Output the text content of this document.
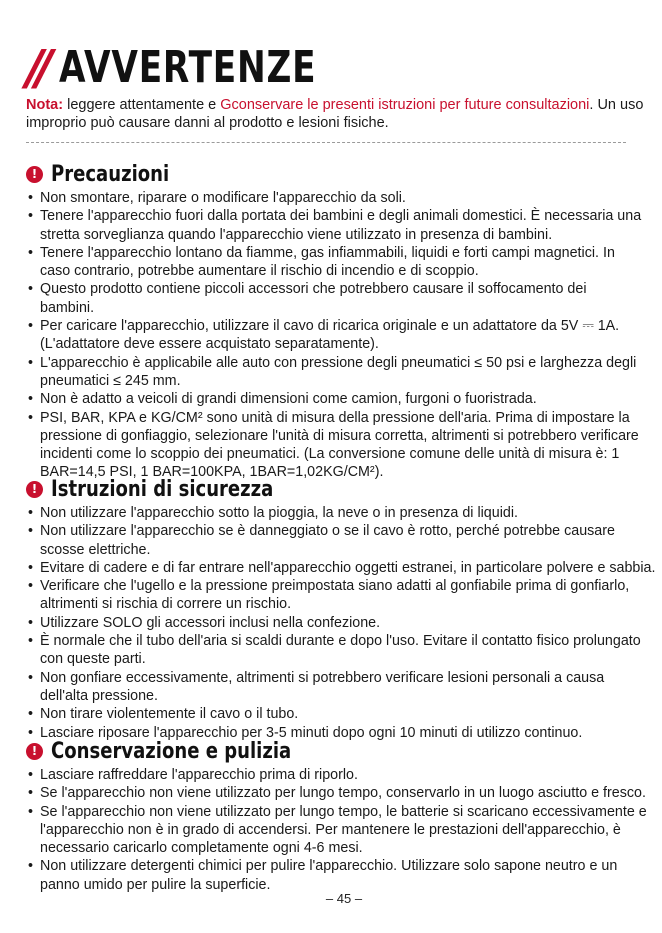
// AVVERTENZE
Nota: leggere attentamente e Gconservare le presenti istruzioni per future consultazioni. Un uso improprio può causare danni al prodotto e lesioni fisiche.
! Precauzioni
• Non smontare, riparare o modificare l'apparecchio da soli.
• Tenere l'apparecchio fuori dalla portata dei bambini e degli animali domestici. È necessaria una
stretta sorveglianza quando l'apparecchio viene utilizzato in presenza di bambini.
• Tenere l'apparecchio lontano da fiamme, gas infiammabili, liquidi e forti campi magnetici. In
caso contrario, potrebbe aumentare il rischio di incendio e di scoppio.
• Questo prodotto contiene piccoli accessori che potrebbero causare il soffocamento dei
bambini.
• Per caricare l'apparecchio, utilizzare il cavo di ricarica originale e un adattatore da 5V ⎓ 1A.
(L'adattatore deve essere acquistato separatamente).
• L'apparecchio è applicabile alle auto con pressione degli pneumatici ≤ 50 psi e larghezza degli
pneumatici ≤ 245 mm.
• Non è adatto a veicoli di grandi dimensioni come camion, furgoni o fuoristrada.
• PSI, BAR, KPA e KG/CM² sono unità di misura della pressione dell'aria. Prima di impostare la
pressione di gonfiaggio, selezionare l'unità di misura corretta, altrimenti si potrebbero verificare
incidenti come lo scoppio dei pneumatici. (La conversione comune delle unità di misura è: 1
BAR=14,5 PSI, 1 BAR=100KPA, 1BAR=1,02KG/CM²).
! Istruzioni di sicurezza
• Non utilizzare l'apparecchio sotto la pioggia, la neve o in presenza di liquidi.
• Non utilizzare l'apparecchio se è danneggiato o se il cavo è rotto, perché potrebbe causare
scosse elettriche.
• Evitare di cadere e di far entrare nell'apparecchio oggetti estranei, in particolare polvere e sabbia.
• Verificare che l'ugello e la pressione preimpostata siano adatti al gonfiabile prima di gonfiarlo,
altrimenti si rischia di correre un rischio.
• Utilizzare SOLO gli accessori inclusi nella confezione.
• È normale che il tubo dell'aria si scaldi durante e dopo l'uso. Evitare il contatto fisico prolungato
con queste parti.
• Non gonfiare eccessivamente, altrimenti si potrebbero verificare lesioni personali a causa
dell'alta pressione.
• Non tirare violentemente il cavo o il tubo.
• Lasciare riposare l'apparecchio per 3-5 minuti dopo ogni 10 minuti di utilizzo continuo.
! Conservazione e pulizia
• Lasciare raffreddare l'apparecchio prima di riporlo.
• Se l'apparecchio non viene utilizzato per lungo tempo, conservarlo in un luogo asciutto e fresco.
• Se l'apparecchio non viene utilizzato per lungo tempo, le batterie si scaricano eccessivamente e
l'apparecchio non è in grado di accendersi. Per mantenere le prestazioni dell'apparecchio, è
necessario caricarlo completamente ogni 4-6 mesi.
• Non utilizzare detergenti chimici per pulire l'apparecchio. Utilizzare solo sapone neutro e un
panno umido per pulire la superficie.
– 45 –
